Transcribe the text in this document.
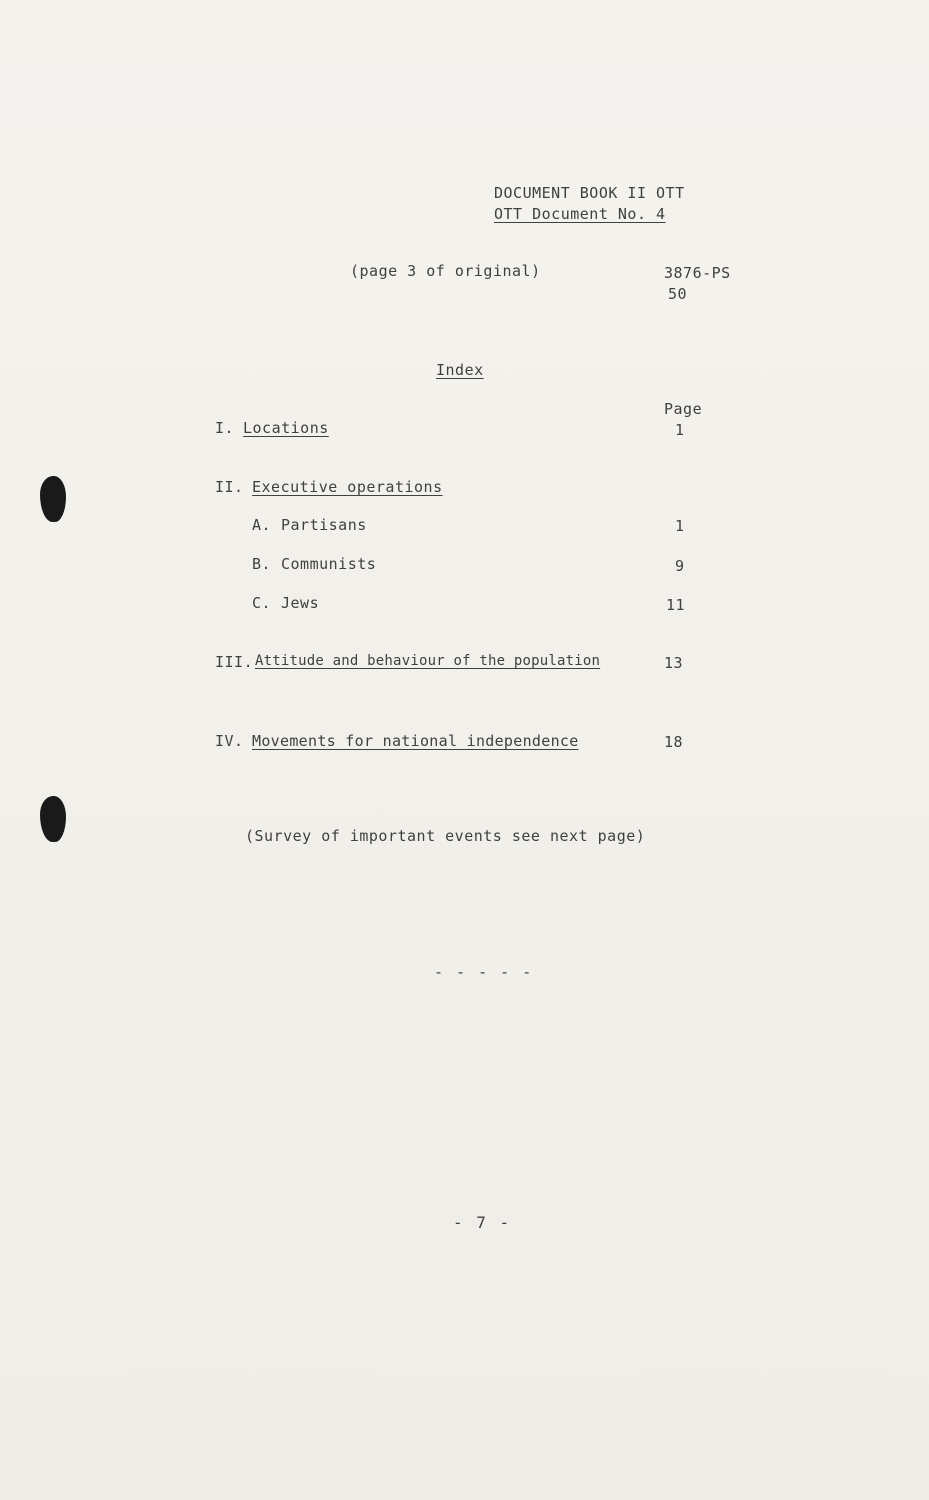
DOCUMENT BOOK II OTT
OTT Document No. 4
(page 3 of original)	3876-PS
50
Index
Page
I. Locations	1
II. Executive operations
A. Partisans	1
B. Communists	9
C. Jews	11
III. Attitude and behaviour of the population	13
IV. Movements for national independence	18
(Survey of important events see next page)
- - - - -
- 7 -
